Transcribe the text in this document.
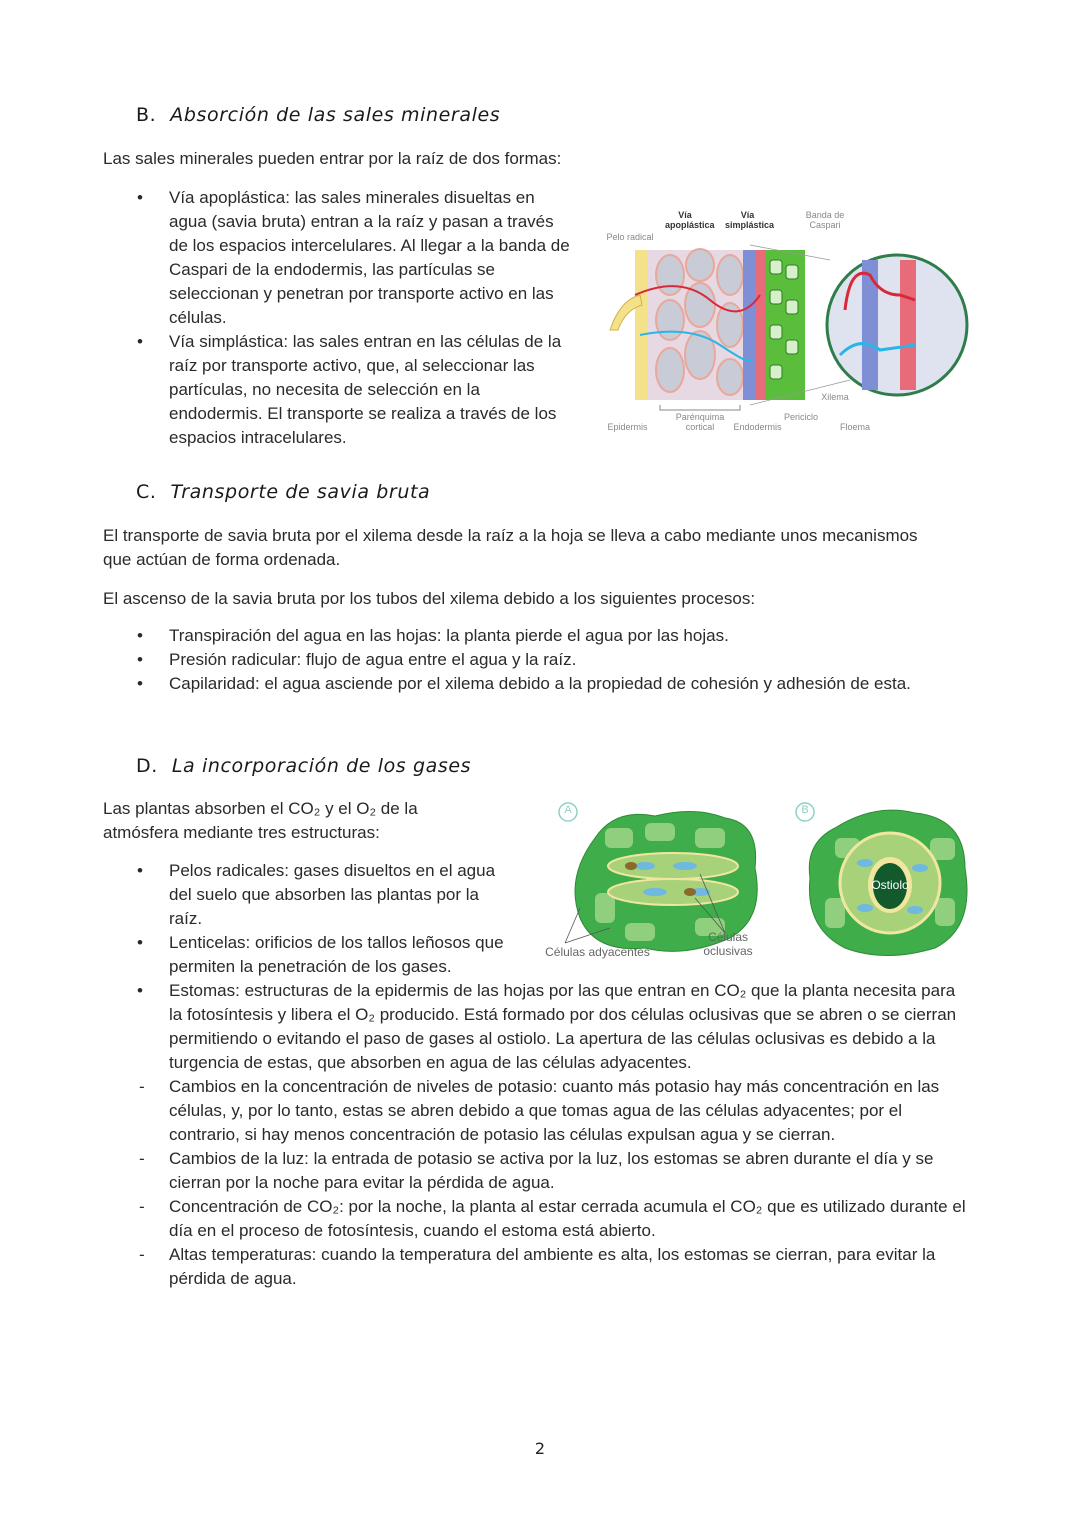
B. Absorción de las sales minerales
Las sales minerales pueden entrar por la raíz de dos formas:
• Vía apoplástica: las sales minerales disueltas en agua (savia bruta) entran a la raíz y pasan a través de los espacios intercelulares. Al llegar a la banda de Caspari de la endodermis, las partículas se seleccionan y penetran por transporte activo en las células.
• Vía simplástica: las sales entran en las células de la raíz por transporte activo, que, al seleccionar las partículas, no necesita de selección en la endodermis. El transporte se realiza a través de los espacios intracelulares.
Vía apoplástica
Vía simplástica
Banda de Caspari
Pelo radical
Xilema
Epidermis
Parénquima cortical	Endodermis
Periciclo
Floema
C. Transporte de savia bruta
El transporte de savia bruta por el xilema desde la raíz a la hoja se lleva a cabo mediante unos mecanismos que actúan de forma ordenada.
El ascenso de la savia bruta por los tubos del xilema debido a los siguientes procesos:
• Transpiración del agua en las hojas: la planta pierde el agua por las hojas.
• Presión radicular: flujo de agua entre el agua y la raíz.
• Capilaridad: el agua asciende por el xilema debido a la propiedad de cohesión y adhesión de esta.
D. La incorporación de los gases
Las plantas absorben el CO₂ y el O₂ de la atmósfera mediante tres estructuras:
• Pelos radicales: gases disueltos en el agua del suelo que absorben las plantas por la raíz.
• Lenticelas: orificios de los tallos leñosos que permiten la penetración de los gases.
• Estomas: estructuras de la epidermis de las hojas por las que entran en CO₂ que la planta necesita para la fotosíntesis y libera el O₂ producido. Está formado por dos células oclusivas que se abren o se cierran permitiendo o evitando el paso de gases al ostiolo. La apertura de las células oclusivas es debido a la turgencia de estas, que absorben en agua de las células adyacentes.
- Cambios en la concentración de niveles de potasio: cuanto más potasio hay más concentración en las células, y, por lo tanto, estas se abren debido a que tomas agua de las células adyacentes; por el contrario, si hay menos concentración de potasio las células expulsan agua y se cierran.
- Cambios de la luz: la entrada de potasio se activa por la luz, los estomas se abren durante el día y se cierran por la noche para evitar la pérdida de agua.
- Concentración de CO₂: por la noche, la planta al estar cerrada acumula el CO₂ que es utilizado durante el día en el proceso de fotosíntesis, cuando el estoma está abierto.
- Altas temperaturas: cuando la temperatura del ambiente es alta, los estomas se cierran, para evitar la pérdida de agua.
A	B
Ostiolo
Células adyacentes
Células oclusivas
2
